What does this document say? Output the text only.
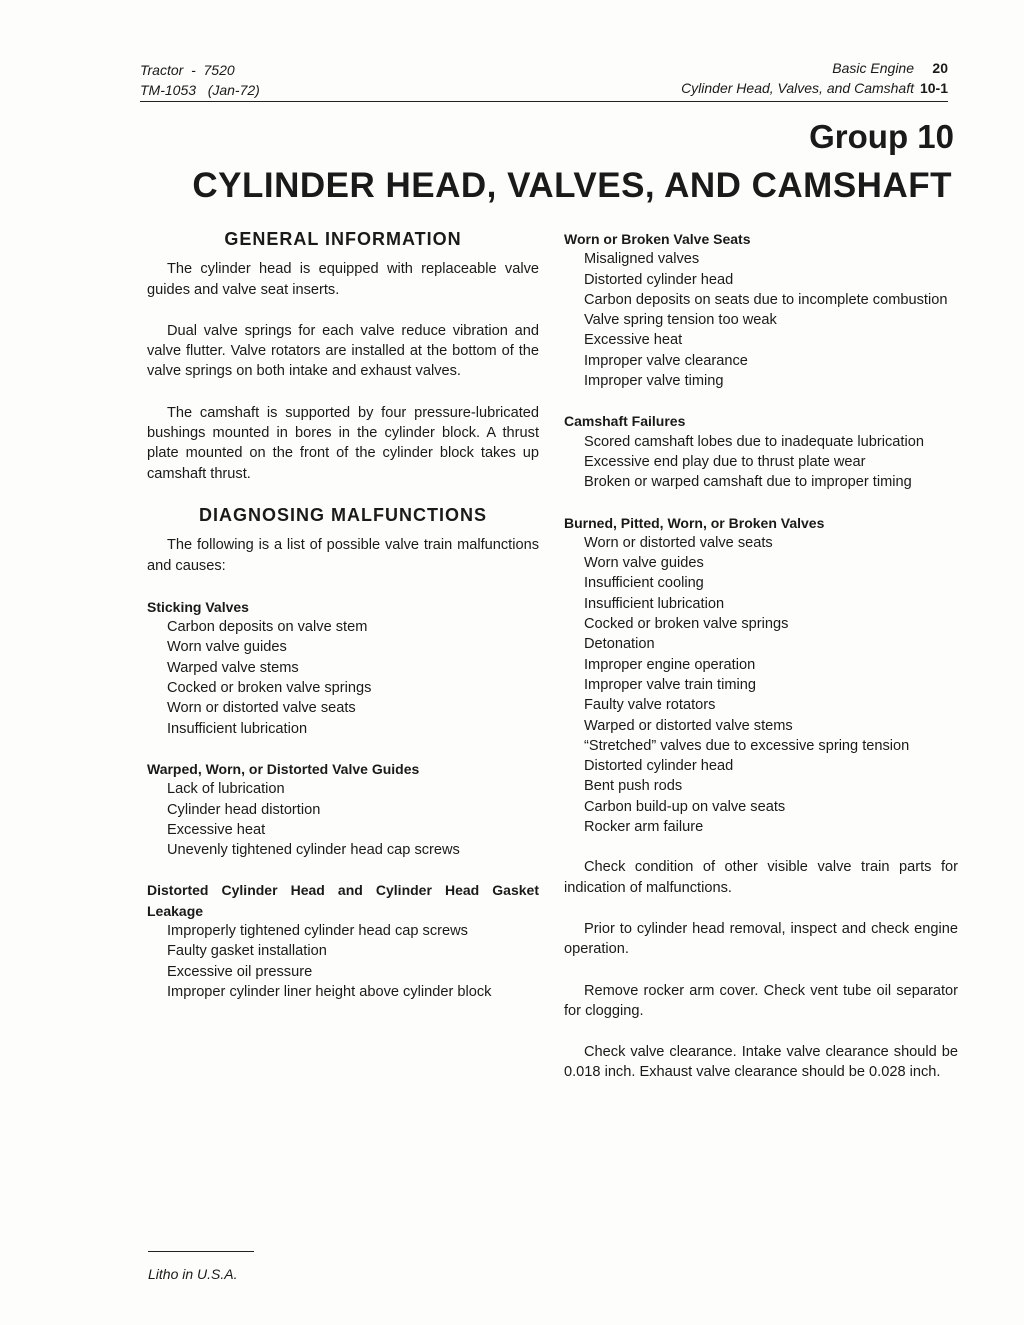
Tractor  -  7520
TM-1053   (Jan-72)
Basic Engine 20
Cylinder Head, Valves, and Camshaft 10-1
Group 10
CYLINDER HEAD, VALVES, AND CAMSHAFT
GENERAL INFORMATION

The cylinder head is equipped with replaceable valve guides and valve seat inserts.

Dual valve springs for each valve reduce vibration and valve flutter. Valve rotators are installed at the bottom of the valve springs on both intake and exhaust valves.

The camshaft is supported by four pressure-lubricated bushings mounted in bores in the cylinder block. A thrust plate mounted on the front of the cylinder block takes up camshaft thrust.

DIAGNOSING MALFUNCTIONS

The following is a list of possible valve train malfunctions and causes:

Sticking Valves

Carbon deposits on valve stem
Worn valve guides
Warped valve stems
Cocked or broken valve springs
Worn or distorted valve seats
Insufficient lubrication

Warped, Worn, or Distorted Valve Guides

Lack of lubrication
Cylinder head distortion
Excessive heat
Unevenly tightened cylinder head cap screws

Distorted Cylinder Head and Cylinder Head Gasket Leakage

Improperly tightened cylinder head cap screws
Faulty gasket installation
Excessive oil pressure
Improper cylinder liner height above cylinder block

Worn or Broken Valve Seats

Misaligned valves
Distorted cylinder head
Carbon deposits on seats due to incomplete combustion
Valve spring tension too weak
Excessive heat
Improper valve clearance
Improper valve timing

Camshaft Failures

Scored camshaft lobes due to inadequate lubrication
Excessive end play due to thrust plate wear
Broken or warped camshaft due to improper timing

Burned, Pitted, Worn, or Broken Valves

Worn or distorted valve seats
Worn valve guides
Insufficient cooling
Insufficient lubrication
Cocked or broken valve springs
Detonation
Improper engine operation
Improper valve train timing
Faulty valve rotators
Warped or distorted valve stems
“Stretched” valves due to excessive spring tension
Distorted cylinder head
Bent push rods
Carbon build-up on valve seats
Rocker arm failure

Check condition of other visible valve train parts for indication of malfunctions.

Prior to cylinder head removal, inspect and check engine operation.

Remove rocker arm cover. Check vent tube oil separator for clogging.

Check valve clearance. Intake valve clearance should be 0.018 inch. Exhaust valve clearance should be 0.028 inch.

Litho in U.S.A.
